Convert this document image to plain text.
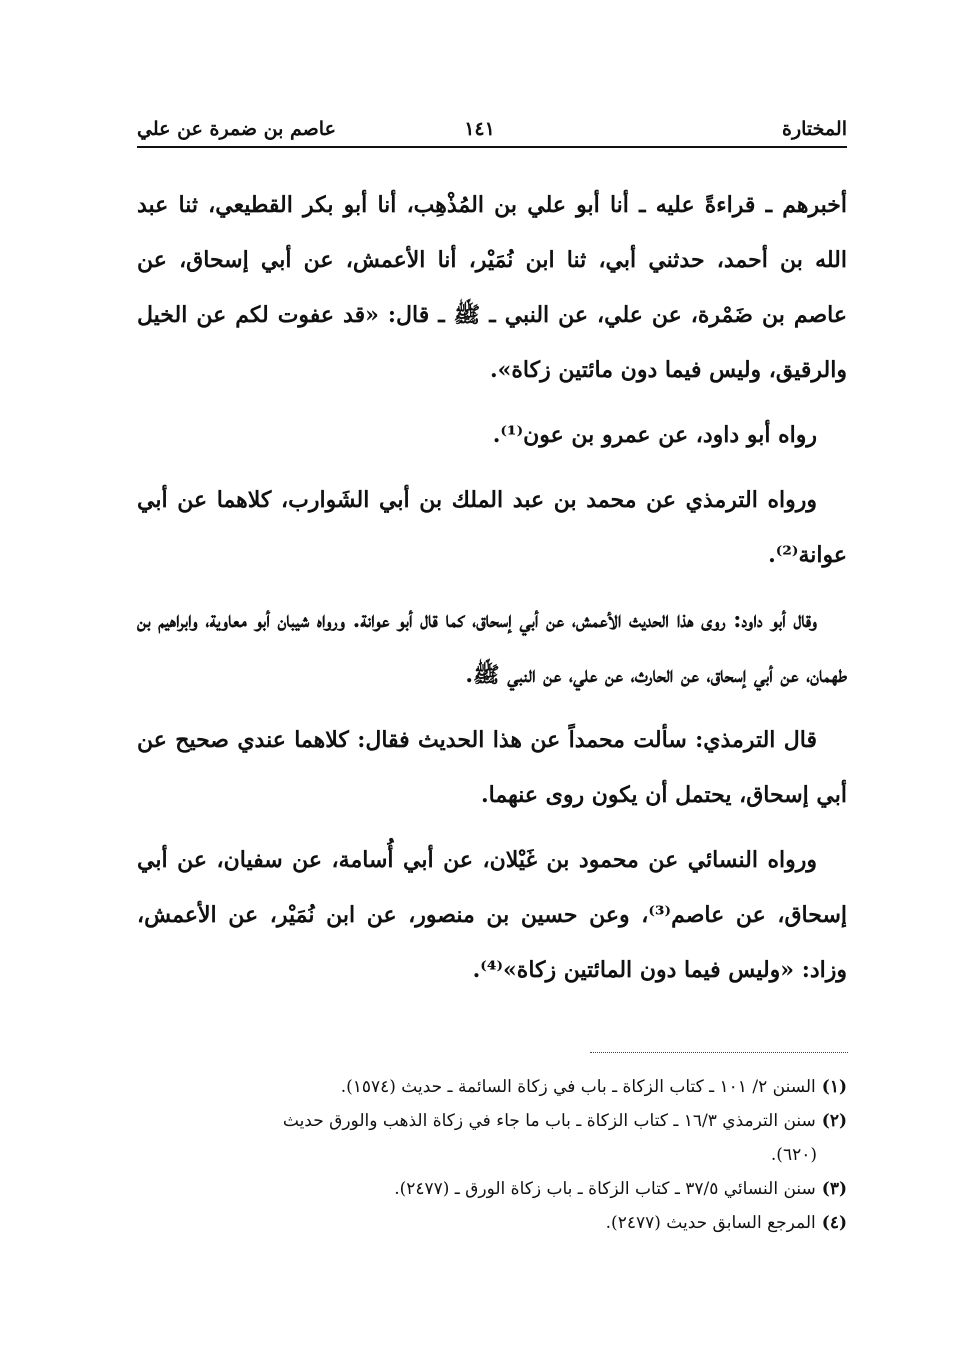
المختارة
١٤١
عاصم بن ضمرة عن علي

أخبرهم ـ قراءةً عليه ـ أنا أبو علي بن المُذْهِب، أنا أبو بكر القطيعي، ثنا عبد الله بن أحمد، حدثني أبي، ثنا ابن نُمَيْر، أنا الأعمش، عن أبي إسحاق، عن عاصم بن ضَمْرة، عن علي، عن النبي ـ ﷺ ـ قال: «قد عفوت لكم عن الخيل والرقيق، وليس فيما دون مائتين زكاة».

رواه أبو داود، عن عمرو بن عون⁽¹⁾.

ورواه الترمذي عن محمد بن عبد الملك بن أبي الشَوارب، كلاهما عن أبي عوانة⁽²⁾.

وقال أبو داود: روى هذا الحديث الأعمش، عن أبي إسحاق، كما قال أبو عوانة. ورواه شيبان أبو معاوية، وابراهيم بن طهمان، عن أبي إسحاق، عن الحارث، عن علي، عن النبي ﷺ.

قال الترمذي: سألت محمداً عن هذا الحديث فقال: كلاهما عندي صحيح عن أبي إسحاق، يحتمل أن يكون روى عنهما.

ورواه النسائي عن محمود بن غَيْلان، عن أبي أُسامة، عن سفيان، عن أبي إسحاق، عن عاصم⁽³⁾، وعن حسين بن منصور، عن ابن نُمَيْر، عن الأعمش، وزاد: «وليس فيما دون المائتين زكاة»⁽⁴⁾.

(١)السنن ٢/ ١٠١ ـ كتاب الزكاة ـ باب في زكاة السائمة ـ حديث (١٥٧٤).

(٢)سنن الترمذي ١٦/٣ ـ كتاب الزكاة ـ باب ما جاء في زكاة الذهب والورق حديث

(٦٢٠).

(٣)سنن النسائي ٣٧/٥ ـ كتاب الزكاة ـ باب زكاة الورق ـ (٢٤٧٧).

(٤)المرجع السابق حديث (٢٤٧٧).
